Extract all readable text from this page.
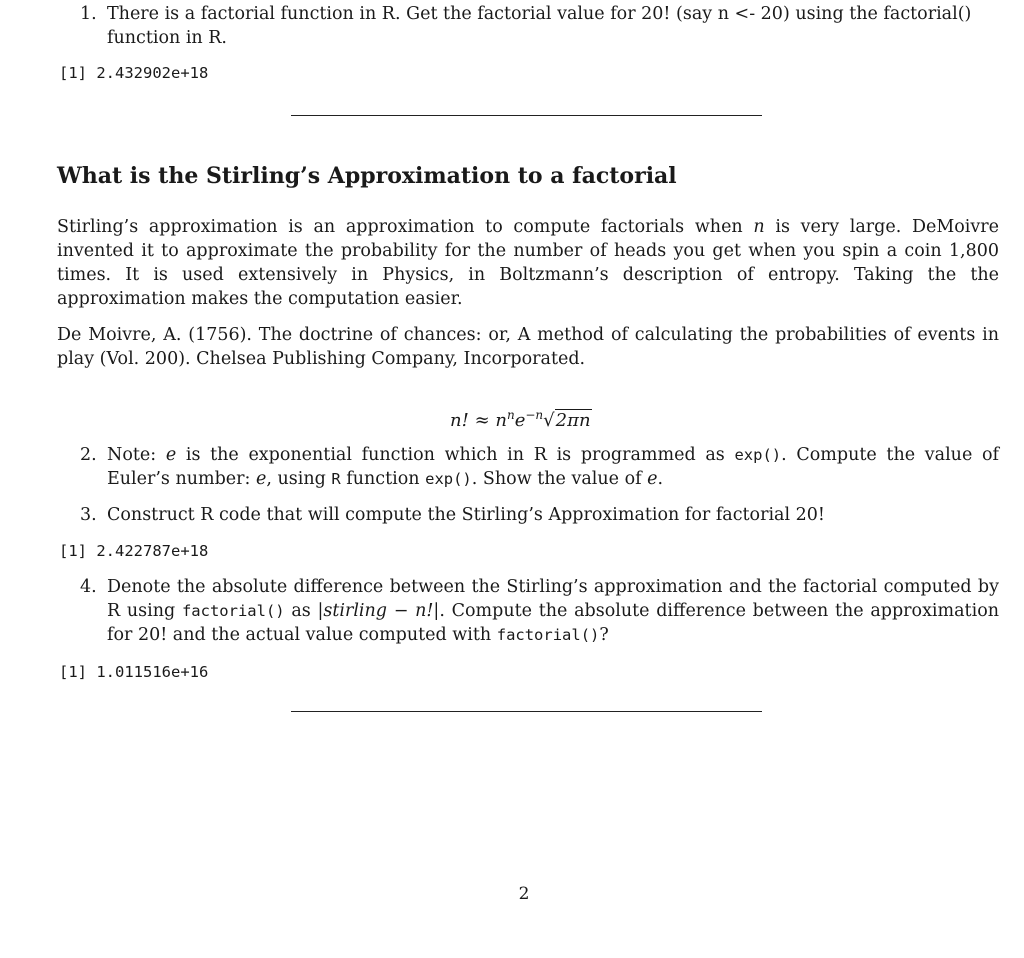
1. There is a factorial function in R. Get the factorial value for 20! (say n <- 20) using the factorial()
function in R.
[1] 2.432902e+18
What is the Stirling’s Approximation to a factorial
Stirling’s approximation is an approximation to compute factorials when n is very large. DeMoivre invented it to approximate the probability for the number of heads you get when you spin a coin 1,800 times. It is used extensively in Physics, in Boltzmann’s description of entropy. Taking the the approximation makes the computation easier.
De Moivre, A. (1756). The doctrine of chances: or, A method of calculating the probabilities of events in play (Vol. 200). Chelsea Publishing Company, Incorporated.
n! ≈ $n^ne^{-n}√2\pi n$
2. Note: e is the exponential function which in R is programmed as exp(). Compute the value of Euler’s number: e, using R function exp(). Show the value of e.
3. Construct R code that will compute the Stirling’s Approximation for factorial 20!
[1] 2.422787e+18
4. Denote the absolute difference between the Stirling’s approximation and the factorial computed by R using factorial() as |stirling − n!|. Compute the absolute difference between the approximation for 20! and the actual value computed with factorial()?
[1] 1.011516e+16
2
